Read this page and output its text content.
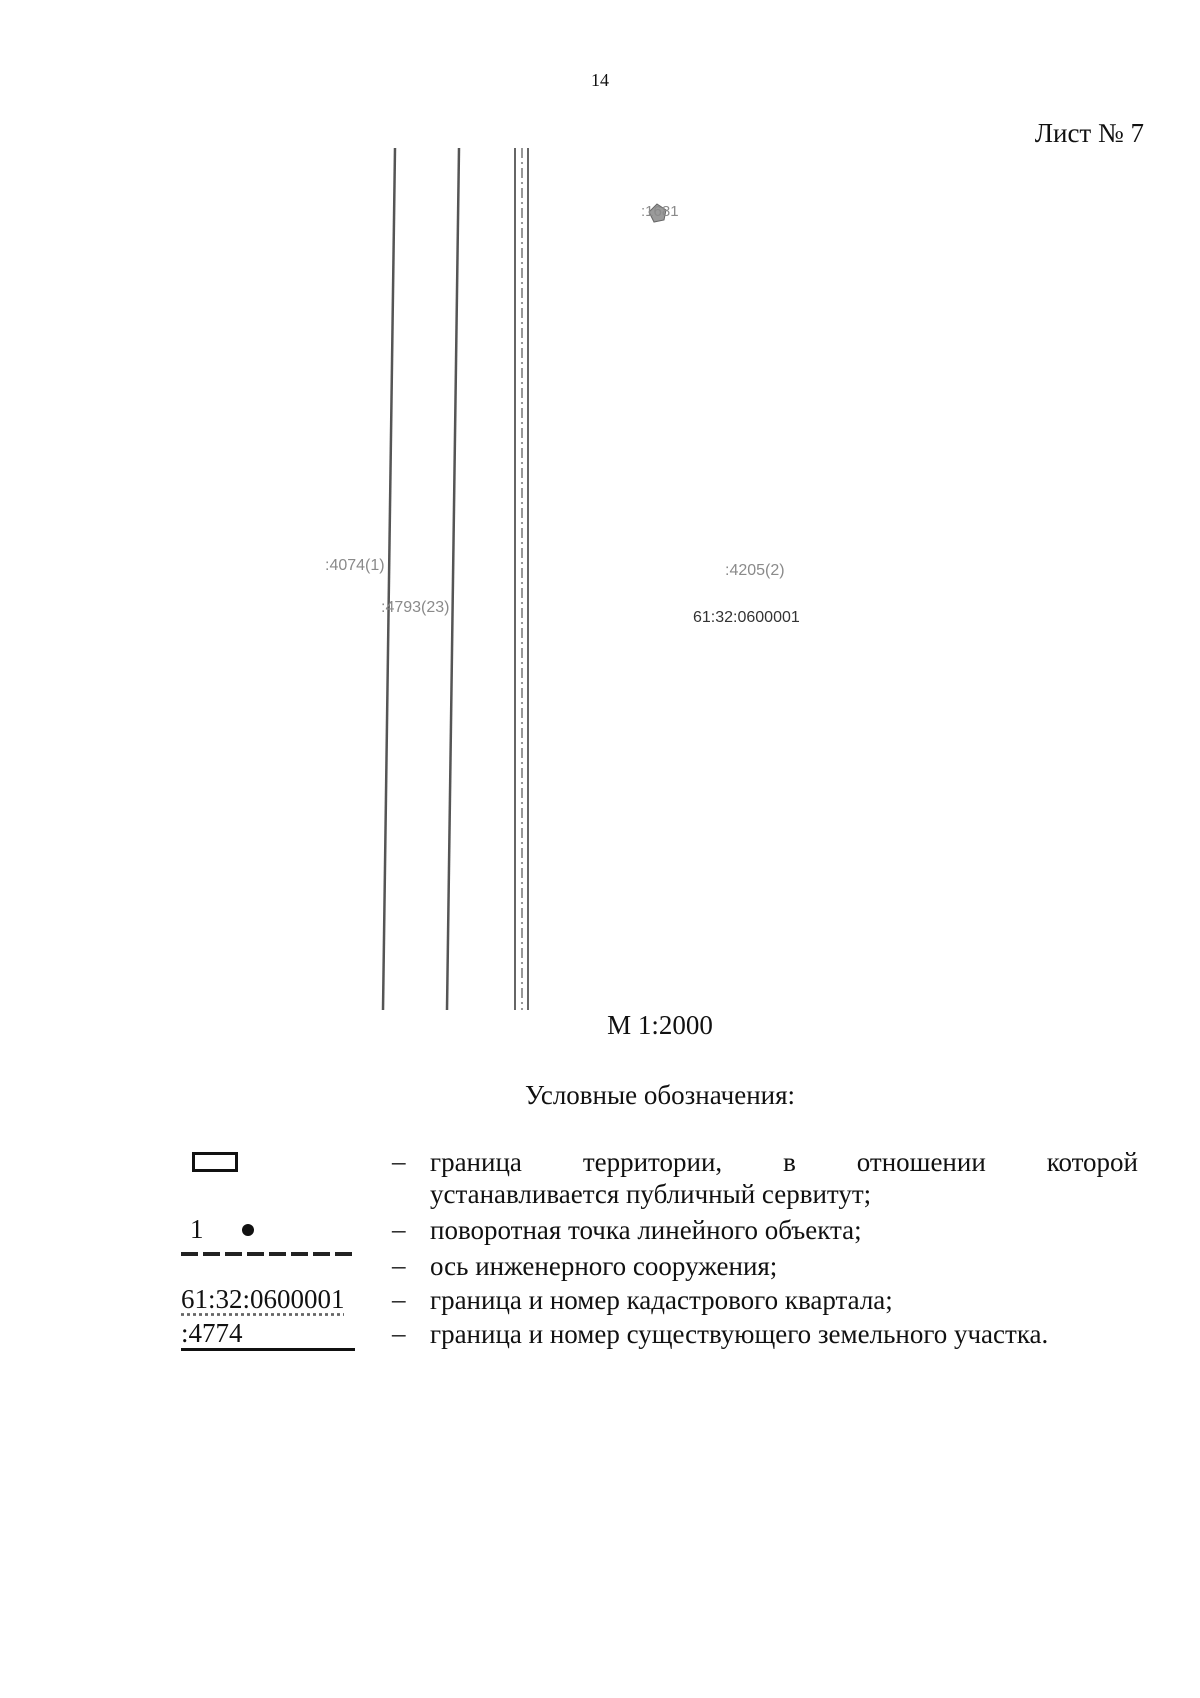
14
Лист № 7
:1681
:4074(1)
:4793(23)
:4205(2)
61:32:0600001
М 1:2000
Условные обозначения:
– граница территории, в отношении которой
устанавливается публичный сервитут;
1	– поворотная точка линейного объекта;
– ось инженерного сооружения;
61:32:0600001 – граница и номер кадастрового квартала;
:4774	– граница и номер существующего земельного участка.
